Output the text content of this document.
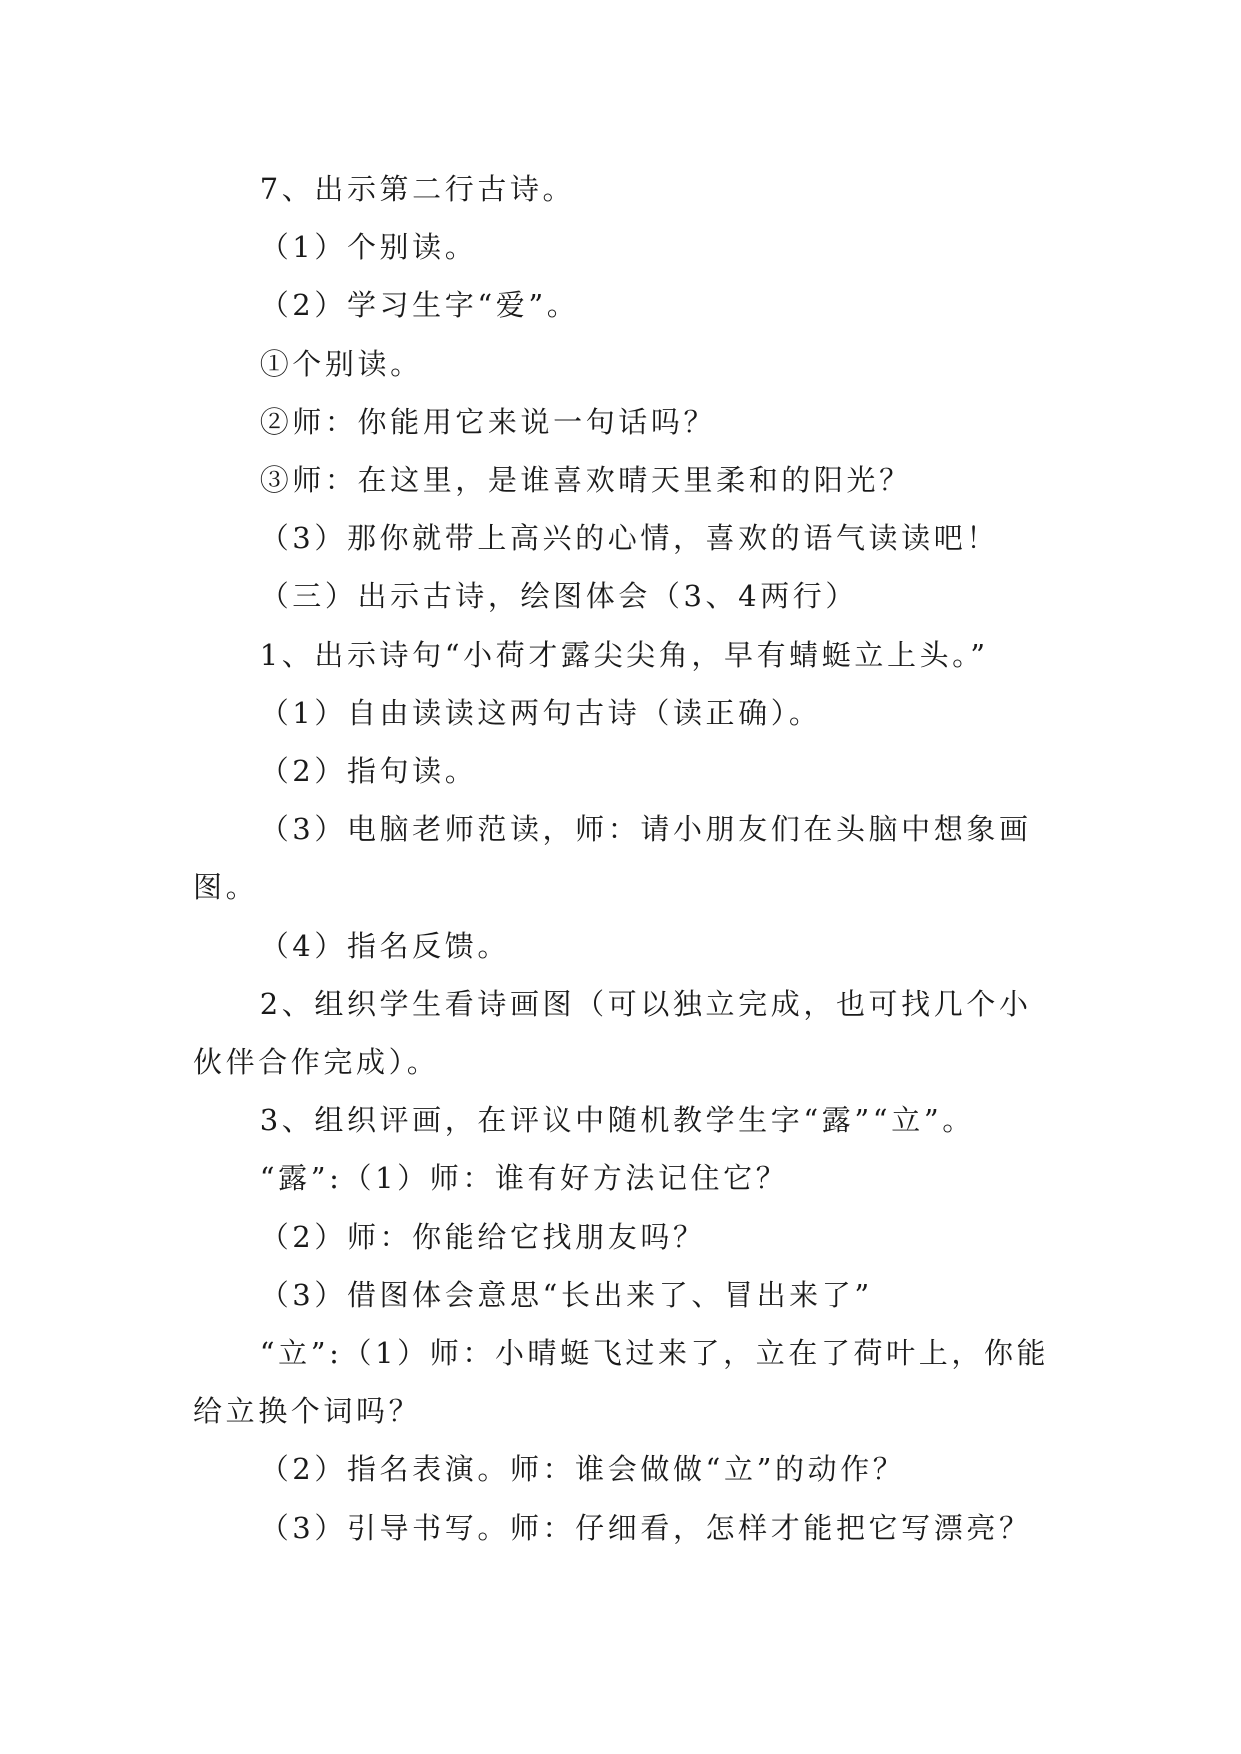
7、出示第二行古诗。

（1）个别读。

（2）学习生字“爱”。

①个别读。

②师：你能用它来说一句话吗？

③师：在这里，是谁喜欢晴天里柔和的阳光？

（3）那你就带上高兴的心情，喜欢的语气读读吧！

（三）出示古诗，绘图体会（3、4两行）

1、出示诗句“小荷才露尖尖角，早有蜻蜓立上头。”

（1）自由读读这两句古诗（读正确）。

（2）指句读。

（3）电脑老师范读，师：请小朋友们在头脑中想象画图。

（4）指名反馈。

2、组织学生看诗画图（可以独立完成，也可找几个小伙伴合作完成）。

3、组织评画，在评议中随机教学生字“露”“立”。

“露”:（1）师：谁有好方法记住它？

（2）师：你能给它找朋友吗？

（3）借图体会意思“长出来了、冒出来了”

“立”:（1）师：小晴蜓飞过来了，立在了荷叶上，你能给立换个词吗？

（2）指名表演。师：谁会做做“立”的动作？

（3）引导书写。师：仔细看，怎样才能把它写漂亮？
